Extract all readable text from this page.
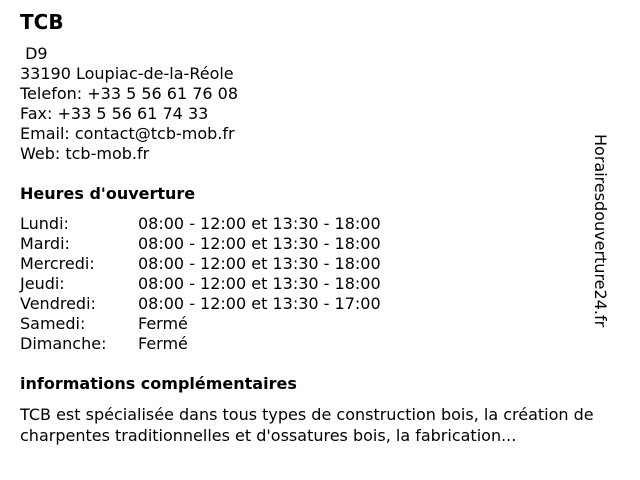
TCB
D9
33190 Loupiac-de-la-Réole
Telefon: +33 5 56 61 76 08
Fax: +33 5 56 61 74 33
Email: contact@tcb-mob.fr
Web: tcb-mob.fr
Heures d'ouverture
Lundi:	08:00 - 12:00 et 13:30 - 18:00
Mardi:	08:00 - 12:00 et 13:30 - 18:00
Mercredi:	08:00 - 12:00 et 13:30 - 18:00
Jeudi:	08:00 - 12:00 et 13:30 - 18:00
Vendredi:	08:00 - 12:00 et 13:30 - 17:00
Samedi:	Fermé
Dimanche: Fermé
informations complémentaires
TCB est spécialisée dans tous types de construction bois, la création de charpentes traditionnelles et d'ossatures bois, la fabrication...
Horairesdouverture24.fr
